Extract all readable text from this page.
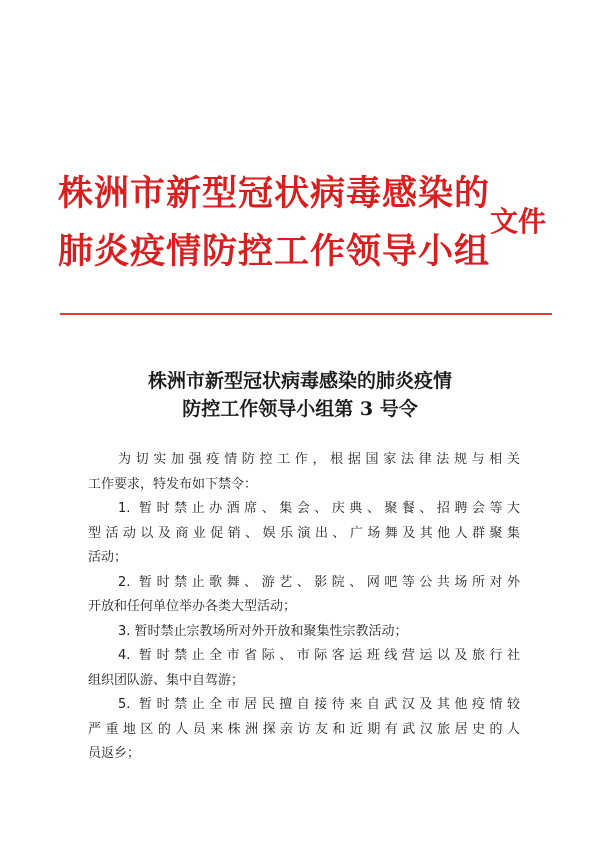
株洲市新型冠状病毒感染的
肺炎疫情防控工作领导小组
文件
株洲市新型冠状病毒感染的肺炎疫情
防控工作领导小组第 3 号令
为切实加强疫情防控工作，根据国家法律法规与相关
工作要求，特发布如下禁令：
1. 暂时禁止办酒席、集会、庆典、聚餐、招聘会等大
型活动以及商业促销、娱乐演出、广场舞及其他人群聚集
活动；
2. 暂时禁止歌舞、游艺、影院、网吧等公共场所对外
开放和任何单位举办各类大型活动；
3. 暂时禁止宗教场所对外开放和聚集性宗教活动；
4. 暂时禁止全市省际、市际客运班线营运以及旅行社
组织团队游、集中自驾游；
5. 暂时禁止全市居民擅自接待来自武汉及其他疫情较
严重地区的人员来株洲探亲访友和近期有武汉旅居史的人
员返乡；
